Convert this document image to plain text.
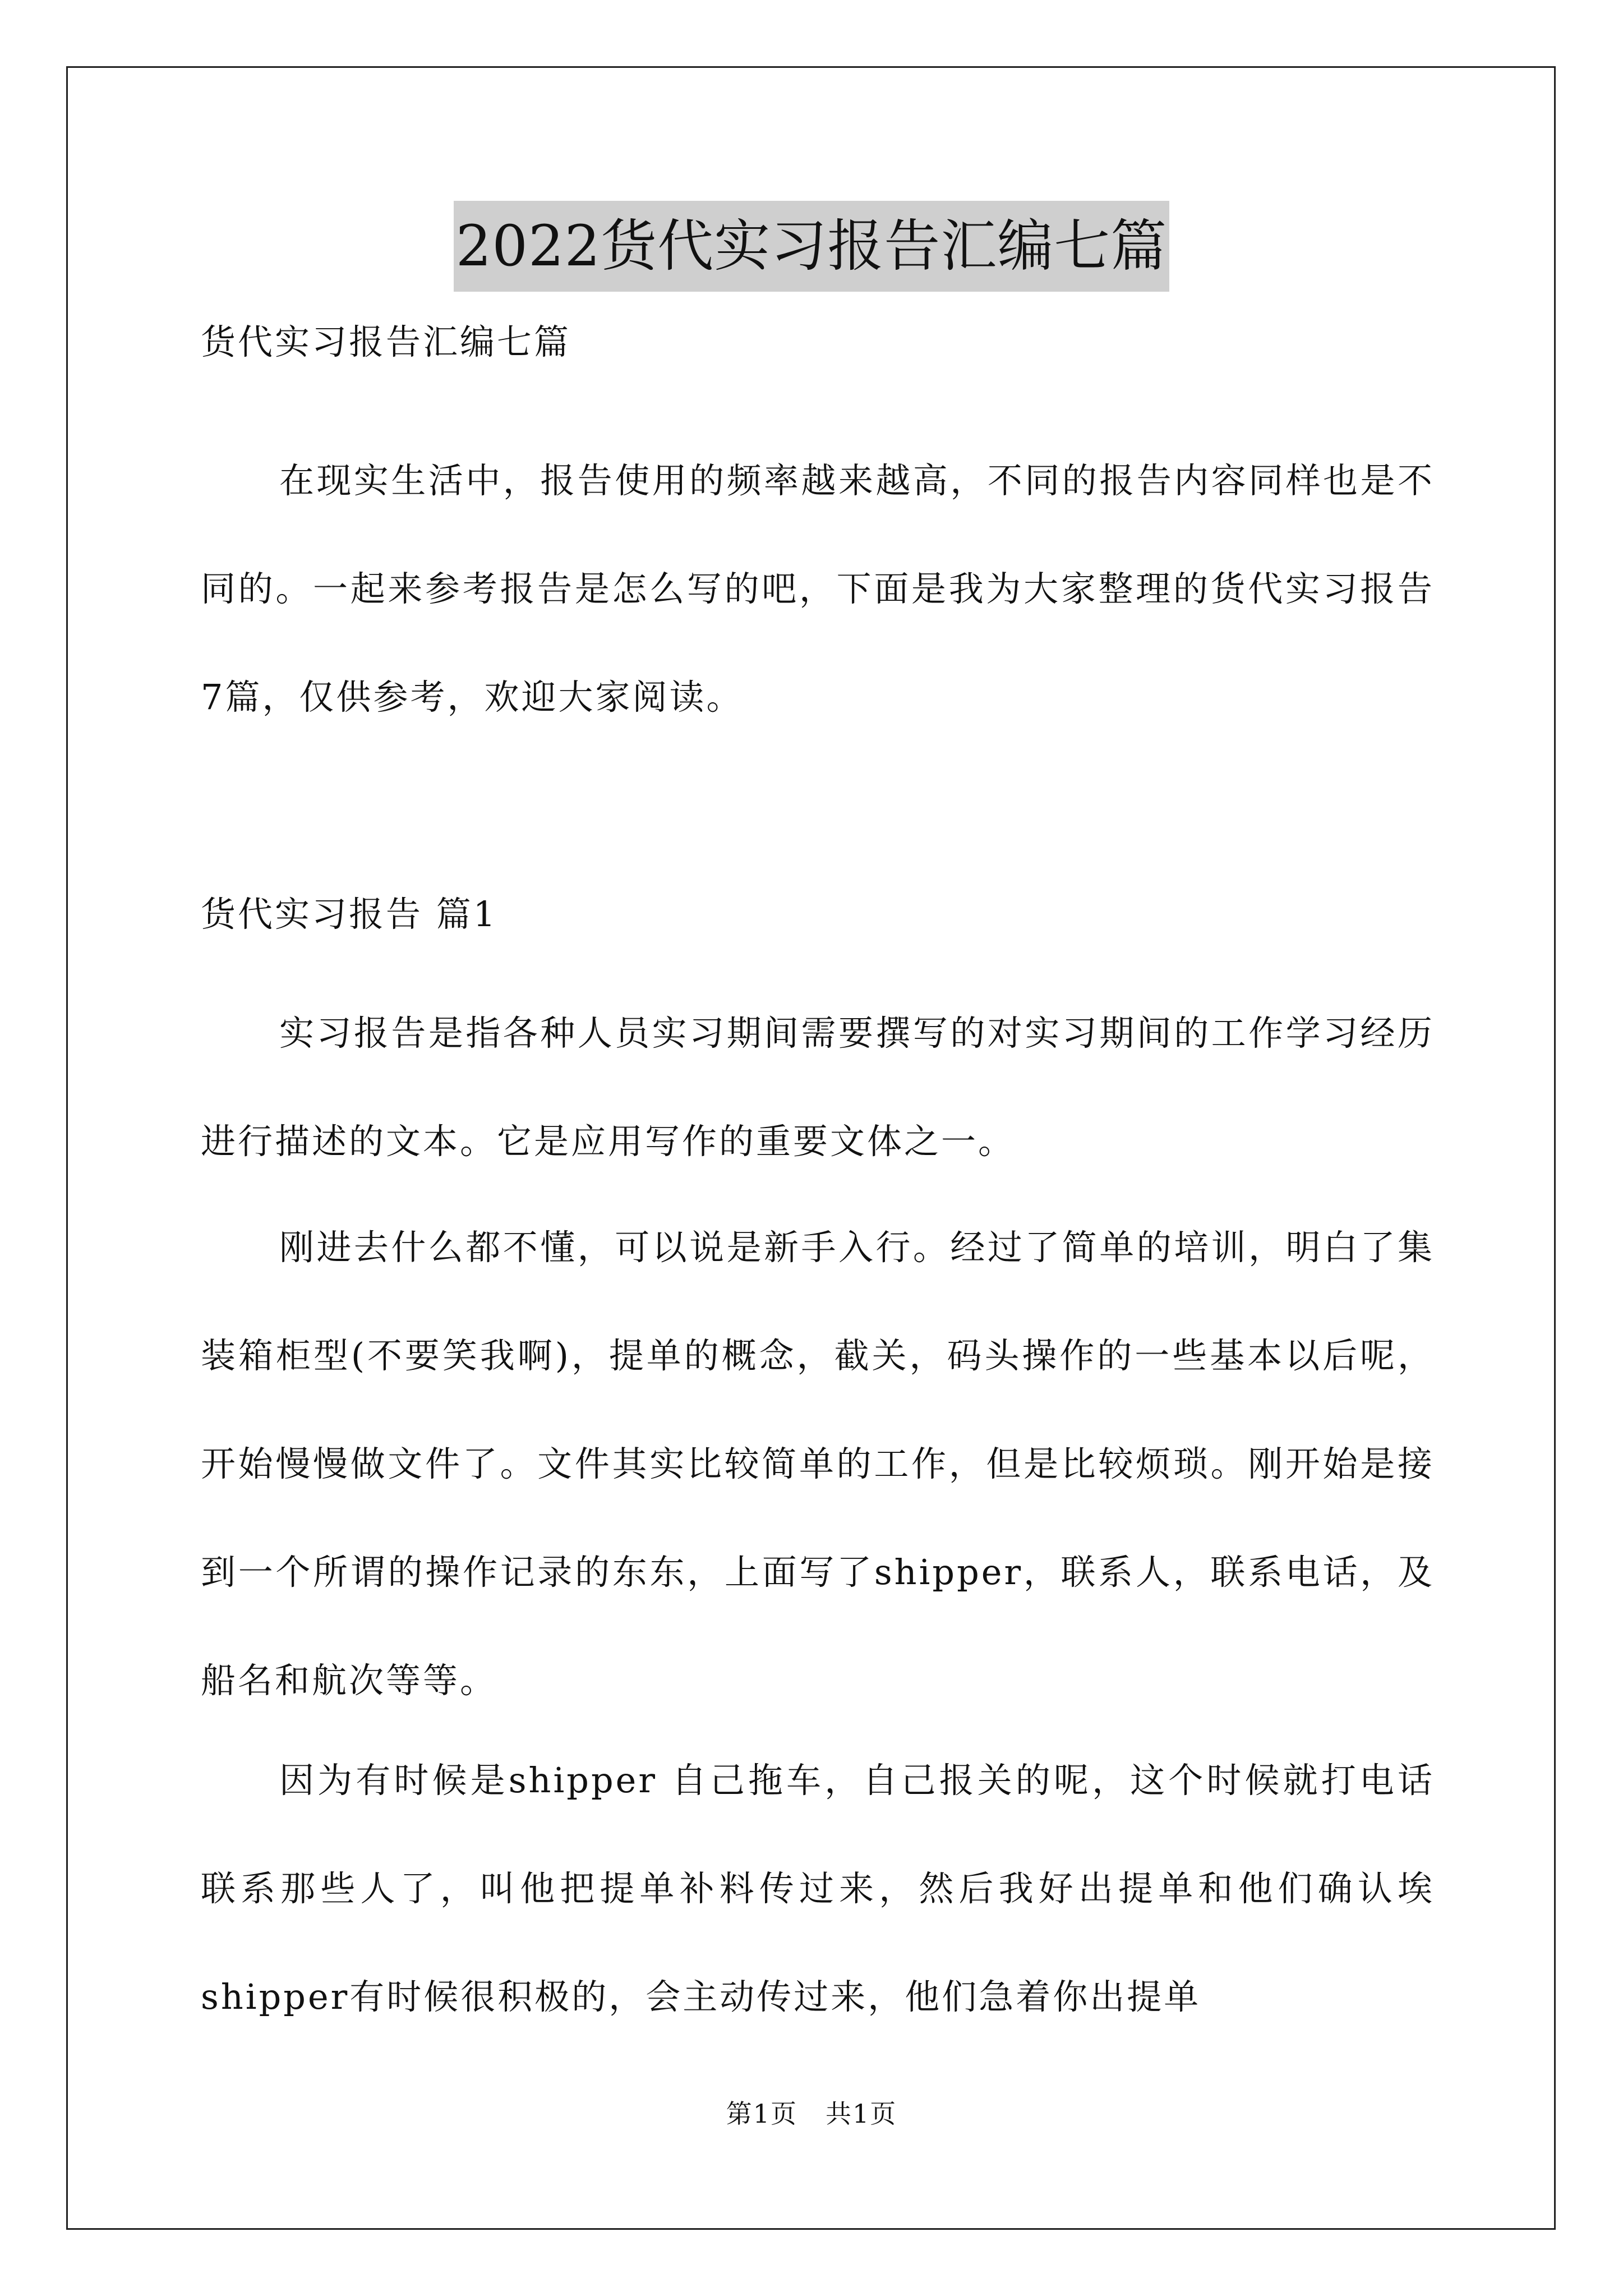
2022货代实习报告汇编七篇
货代实习报告汇编七篇
在现实生活中，报告使用的频率越来越高，不同的报告内容同样也是不同的。一起来参考报告是怎么写的吧，下面是我为大家整理的货代实习报告7篇，仅供参考，欢迎大家阅读。
货代实习报告 篇1
实习报告是指各种人员实习期间需要撰写的对实习期间的工作学习经历进行描述的文本。它是应用写作的重要文体之一。
刚进去什么都不懂，可以说是新手入行。经过了简单的培训，明白了集装箱柜型(不要笑我啊)，提单的概念，截关，码头操作的一些基本以后呢，开始慢慢做文件了。文件其实比较简单的工作，但是比较烦琐。刚开始是接到一个所谓的操作记录的东东，上面写了shipper，联系人，联系电话，及船名和航次等等。
因为有时候是shipper 自己拖车，自己报关的呢，这个时候就打电话联系那些人了，叫他把提单补料传过来，然后我好出提单和他们确认埃shipper有时候很积极的，会主动传过来，他们急着你出提单
第1页 共1页
